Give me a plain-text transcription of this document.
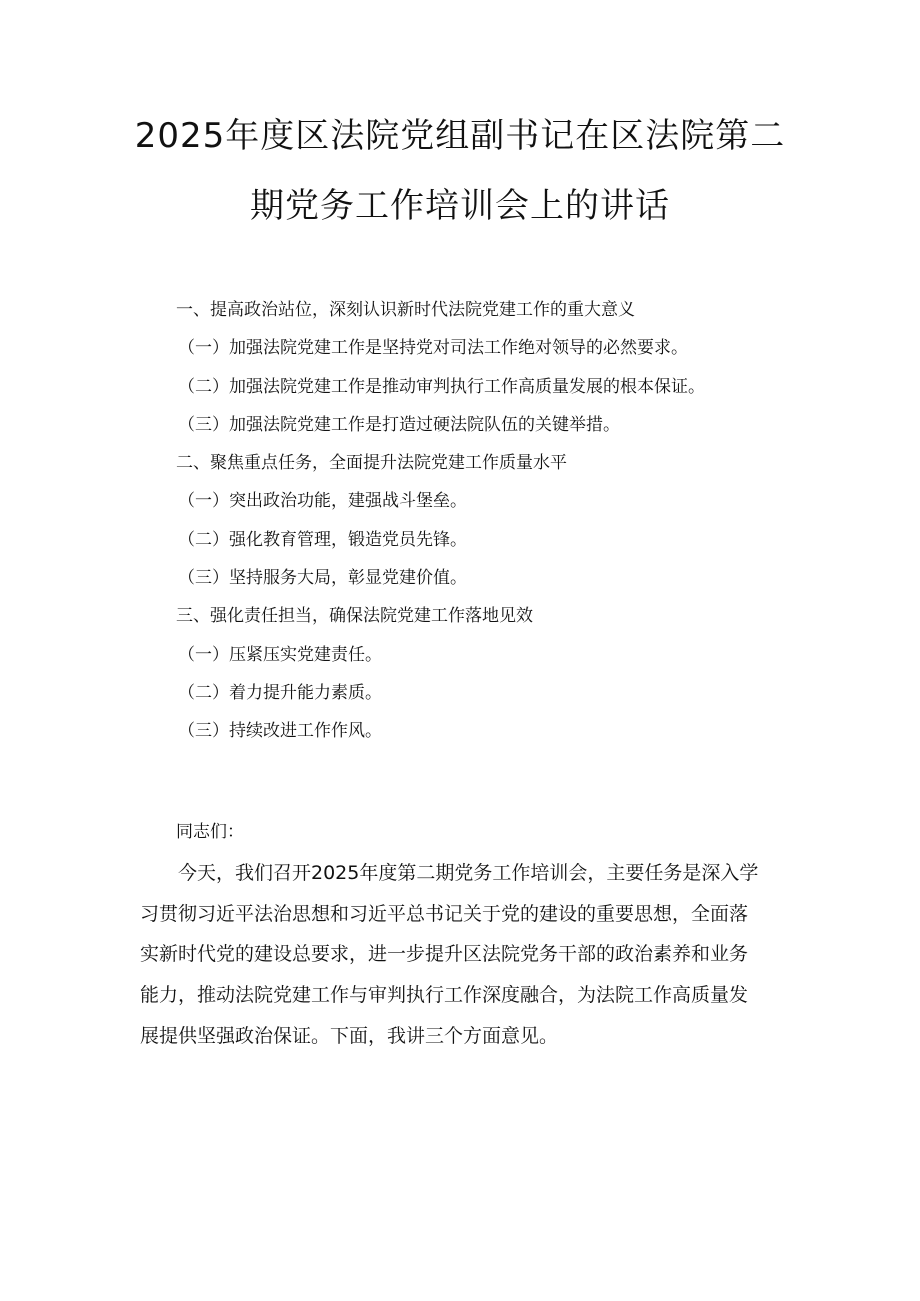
2025年度区法院党组副书记在区法院第二
期党务工作培训会上的讲话
一、提高政治站位，深刻认识新时代法院党建工作的重大意义
（一）加强法院党建工作是坚持党对司法工作绝对领导的必然要求。
（二）加强法院党建工作是推动审判执行工作高质量发展的根本保证。
（三）加强法院党建工作是打造过硬法院队伍的关键举措。
二、聚焦重点任务，全面提升法院党建工作质量水平
（一）突出政治功能，建强战斗堡垒。
（二）强化教育管理，锻造党员先锋。
（三）坚持服务大局，彰显党建价值。
三、强化责任担当，确保法院党建工作落地见效
（一）压紧压实党建责任。
（二）着力提升能力素质。
（三）持续改进工作作风。

同志们：

今天，我们召开2025年度第二期党务工作培训会，主要任务是深入学
习贯彻习近平法治思想和习近平总书记关于党的建设的重要思想，全面落
实新时代党的建设总要求，进一步提升区法院党务干部的政治素养和业务
能力，推动法院党建工作与审判执行工作深度融合，为法院工作高质量发
展提供坚强政治保证。下面，我讲三个方面意见。
